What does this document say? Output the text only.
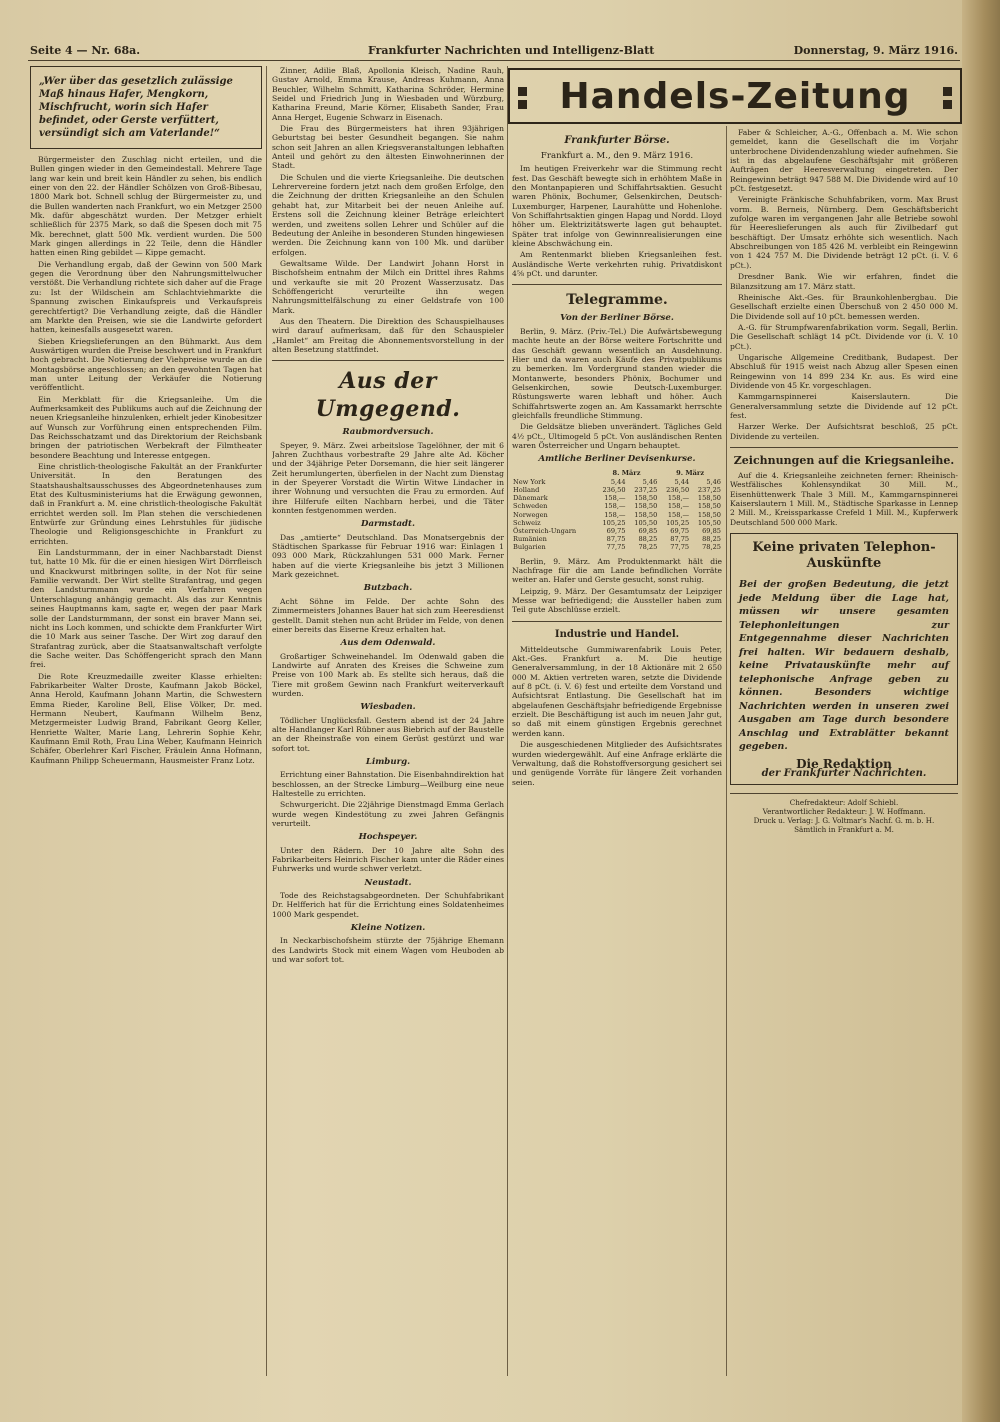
Seite 4 — Nr. 68a.	Frankfurter Nachrichten und Intelligenz-Blatt	Donnerstag, 9. März 1916.
„Wer über das gesetzlich zulässige Maß hinaus Hafer, Mengkorn, Mischfrucht, worin sich Hafer befindet, oder Gerste verfüttert, versündigt sich am Vaterlande!“

Bürgermeister den Zuschlag nicht erteilen, und die Bullen gingen wieder in den Gemeindestall. Mehrere Tage lang war kein und breit kein Händler zu sehen, bis endlich einer von den 22. der Händler Schölzen von Groß-Bibesau, 1800 Mark bot. Schnell schlug der Bürgermeister zu, und die Bullen wanderten nach Frankfurt, wo ein Metzger 2500 Mk. dafür abgeschätzt wurden. Der Metzger erhielt schließlich für 2375 Mark, so daß die Spesen doch mit 75 Mk. berechnet, glatt 500 Mk. verdient wurden. Die 500 Mark gingen allerdings in 22 Teile, denn die Händler hatten einen Ring gebildet — Kippe gemacht.

Die Verhandlung ergab, daß der Gewinn von 500 Mark gegen die Verordnung über den Nahrungsmittelwucher verstößt. Die Verhandlung richtete sich daher auf die Frage zu: Ist der Wildschein am Schlachtviehmarkte die Spannung zwischen Einkaufspreis und Verkaufspreis gerechtfertigt? Die Verhandlung zeigte, daß die Händler am Markte den Preisen, wie sie die Landwirte gefordert hatten, keinesfalls ausgesetzt waren.

Sieben Kriegslieferungen an den Bühmarkt. Aus dem Auswärtigen wurden die Preise beschwert und in Frankfurt hoch gebracht. Die Notierung der Viehpreise wurde an die Montagsbörse angeschlossen; an den gewohnten Tagen hat man unter Leitung der Verkäufer die Notierung veröffentlicht.

Ein Merkblatt für die Kriegsanleihe. Um die Aufmerksamkeit des Publikums auch auf die Zeichnung der neuen Kriegsanleihe hinzulenken, erhielt jeder Kinobesitzer auf Wunsch zur Vorführung einen entsprechenden Film. Das Reichsschatzamt und das Direktorium der Reichsbank bringen der patriotischen Werbekraft der Filmtheater besondere Beachtung und Interesse entgegen.

Eine christlich-theologische Fakultät an der Frankfurter Universität. In den Beratungen des Staatshaushaltsausschusses des Abgeordnetenhauses zum Etat des Kultusministeriums hat die Erwägung gewonnen, daß in Frankfurt a. M. eine christlich-theologische Fakultät errichtet werden soll. Im Plan stehen die verschiedenen Entwürfe zur Gründung eines Lehrstuhles für jüdische Theologie und Religionsgeschichte in Frankfurt zu errichten.

Ein Landsturmmann, der in einer Nachbarstadt Dienst tut, hatte 10 Mk. für die er einen hiesigen Wirt Dörrfleisch und Knackwurst mitbringen sollte, in der Not für seine Familie verwandt. Der Wirt stellte Strafantrag, und gegen den Landsturmmann wurde ein Verfahren wegen Unterschlagung anhängig gemacht. Als das zur Kenntnis seines Hauptmanns kam, sagte er, wegen der paar Mark solle der Landsturmmann, der sonst ein braver Mann sei, nicht ins Loch kommen, und schickte dem Frankfurter Wirt die 10 Mark aus seiner Tasche. Der Wirt zog darauf den Strafantrag zurück, aber die Staatsanwaltschaft verfolgte die Sache weiter. Das Schöffengericht sprach den Mann frei.

Die Rote Kreuzmedaille zweiter Klasse erhielten: Fabrikarbeiter Walter Droste, Kaufmann Jakob Böckel, Anna Herold, Kaufmann Johann Martin, die Schwestern Emma Rieder, Karoline Bell, Elise Völker, Dr. med. Hermann Neubert, Kaufmann Wilhelm Benz, Metzgermeister Ludwig Brand, Fabrikant Georg Keller, Henriette Walter, Marie Lang, Lehrerin Sophie Kehr, Kaufmann Emil Roth, Frau Lina Weber, Kaufmann Heinrich Schäfer, Oberlehrer Karl Fischer, Fräulein Anna Hofmann, Kaufmann Philipp Scheuermann, Hausmeister Franz Lotz.

Zinner, Adilie Blaß, Apollonia Kleisch, Nadine Rauh, Gustav Arnold, Emma Krause, Andreas Kuhmann, Anna Beuchler, Wilhelm Schmitt, Katharina Schröder, Hermine Seidel und Friedrich Jung in Wiesbaden und Würzburg, Katharina Freund, Marie Körner, Elisabeth Sander, Frau Anna Herget, Eugenie Schwarz in Eisenach.

Die Frau des Bürgermeisters hat ihren 93jährigen Geburtstag bei bester Gesundheit begangen. Sie nahm schon seit Jahren an allen Kriegsveranstaltungen lebhaften Anteil und gehört zu den ältesten Einwohnerinnen der Stadt.

Die Schulen und die vierte Kriegsanleihe. Die deutschen Lehrervereine fordern jetzt nach dem großen Erfolge, den die Zeichnung der dritten Kriegsanleihe an den Schulen gehabt hat, zur Mitarbeit bei der neuen Anleihe auf. Erstens soll die Zeichnung kleiner Beträge erleichtert werden, und zweitens sollen Lehrer und Schüler auf die Bedeutung der Anleihe in besonderen Stunden hingewiesen werden. Die Zeichnung kann von 100 Mk. und darüber erfolgen.

Gewaltsame Wilde. Der Landwirt Johann Horst in Bischofsheim entnahm der Milch ein Drittel ihres Rahms und verkaufte sie mit 20 Prozent Wasserzusatz. Das Schöffengericht verurteilte ihn wegen Nahrungsmittelfälschung zu einer Geldstrafe von 100 Mark.

Aus den Theatern. Die Direktion des Schauspielhauses wird darauf aufmerksam, daß für den Schauspieler „Hamlet“ am Freitag die Abonnementsvorstellung in der alten Besetzung stattfindet.

Aus der Umgegend.
Raubmordversuch.

Speyer, 9. März. Zwei arbeitslose Tagelöhner, der mit 6 Jahren Zuchthaus vorbestrafte 29 Jahre alte Ad. Köcher und der 34jährige Peter Dorsemann, die hier seit längerer Zeit herumlungerten, überfielen in der Nacht zum Dienstag in der Speyerer Vorstadt die Wirtin Witwe Lindacher in ihrer Wohnung und versuchten die Frau zu ermorden. Auf ihre Hilferufe eilten Nachbarn herbei, und die Täter konnten festgenommen werden.

Darmstadt.

Das „amtierte“ Deutschland. Das Monatsergebnis der Städtischen Sparkasse für Februar 1916 war: Einlagen 1 093 000 Mark, Rückzahlungen 531 000 Mark. Ferner haben auf die vierte Kriegsanleihe bis jetzt 3 Millionen Mark gezeichnet.

Butzbach.

Acht Söhne im Felde. Der achte Sohn des Zimmermeisters Johannes Bauer hat sich zum Heeresdienst gestellt. Damit stehen nun acht Brüder im Felde, von denen einer bereits das Eiserne Kreuz erhalten hat.

Aus dem Odenwald.

Großartiger Schweinehandel. Im Odenwald gaben die Landwirte auf Anraten des Kreises die Schweine zum Preise von 100 Mark ab. Es stellte sich heraus, daß die Tiere mit großem Gewinn nach Frankfurt weiterverkauft wurden.

Wiesbaden.

Tödlicher Unglücksfall. Gestern abend ist der 24 Jahre alte Handlanger Karl Rübner aus Biebrich auf der Baustelle an der Rheinstraße von einem Gerüst gestürzt und war sofort tot.

Limburg.

Errichtung einer Bahnstation. Die Eisenbahndirektion hat beschlossen, an der Strecke Limburg—Weilburg eine neue Haltestelle zu errichten.

Schwurgericht. Die 22jährige Dienstmagd Emma Gerlach wurde wegen Kindestötung zu zwei Jahren Gefängnis verurteilt.

Hochspeyer.

Unter den Rädern. Der 10 Jahre alte Sohn des Fabrikarbeiters Heinrich Fischer kam unter die Räder eines Fuhrwerks und wurde schwer verletzt.

Neustadt.

Tode des Reichstagsabgeordneten. Der Schuhfabrikant Dr. Helfferich hat für die Errichtung eines Soldatenheimes 1000 Mark gespendet.

Kleine Notizen.

In Neckarbischofsheim stürzte der 75jährige Ehemann des Landwirts Stock mit einem Wagen vom Heuboden ab und war sofort tot.

Handels-Zeitung
Frankfurter Börse.
Frankfurt a. M., den 9. März 1916.

Im heutigen Freiverkehr war die Stimmung recht fest. Das Geschäft bewegte sich in erhöhtem Maße in den Montanpapieren und Schiffahrtsaktien. Gesucht waren Phönix, Bochumer, Gelsenkirchen, Deutsch-Luxemburger, Harpener, Laurahütte und Hohenlohe. Von Schiffahrtsaktien gingen Hapag und Nordd. Lloyd höher um. Elektrizitätswerte lagen gut behauptet. Später trat infolge von Gewinnrealisierungen eine kleine Abschwächung ein.

Am Rentenmarkt blieben Kriegsanleihen fest. Ausländische Werte verkehrten ruhig. Privatdiskont 4⅝ pCt. und darunter.

Telegramme.
Von der Berliner Börse.

Berlin, 9. März. (Priv.-Tel.) Die Aufwärtsbewegung machte heute an der Börse weitere Fortschritte und das Geschäft gewann wesentlich an Ausdehnung. Hier und da waren auch Käufe des Privatpublikums zu bemerken. Im Vordergrund standen wieder die Montanwerte, besonders Phönix, Bochumer und Gelsenkirchen, sowie Deutsch-Luxemburger. Rüstungswerte waren lebhaft und höher. Auch Schiffahrtswerte zogen an. Am Kassamarkt herrschte gleichfalls freundliche Stimmung.

Die Geldsätze blieben unverändert. Tägliches Geld 4½ pCt., Ultimogeld 5 pCt. Von ausländischen Renten waren Österreicher und Ungarn behauptet.

Amtliche Berliner Devisenkurse.
	8. März		9. März	
New York	5,44	5,46	5,44	5,46
Holland	236,50	237,25	236,50	237,25
Dänemark	158,—	158,50	158,—	158,50
Schweden	158,—	158,50	158,—	158,50
Norwegen	158,—	158,50	158,—	158,50
Schweiz	105,25	105,50	105,25	105,50
Österreich-Ungarn	69,75	69,85	69,75	69,85
Rumänien	87,75	88,25	87,75	88,25
Bulgarien	77,75	78,25	77,75	78,25

Berlin, 9. März. Am Produktenmarkt hält die Nachfrage für die am Lande befindlichen Vorräte weiter an. Hafer und Gerste gesucht, sonst ruhig.

Leipzig, 9. März. Der Gesamtumsatz der Leipziger Messe war befriedigend; die Aussteller haben zum Teil gute Abschlüsse erzielt.

Industrie und Handel.

Mitteldeutsche Gummiwarenfabrik Louis Peter, Akt.-Ges. Frankfurt a. M. Die heutige Generalversammlung, in der 18 Aktionäre mit 2 650 000 M. Aktien vertreten waren, setzte die Dividende auf 8 pCt. (i. V. 6) fest und erteilte dem Vorstand und Aufsichtsrat Entlastung. Die Gesellschaft hat im abgelaufenen Geschäftsjahr befriedigende Ergebnisse erzielt. Die Beschäftigung ist auch im neuen Jahr gut, so daß mit einem günstigen Ergebnis gerechnet werden kann.

Die ausgeschiedenen Mitglieder des Aufsichtsrates wurden wiedergewählt. Auf eine Anfrage erklärte die Verwaltung, daß die Rohstoffversorgung gesichert sei und genügende Vorräte für längere Zeit vorhanden seien.

Faber & Schleicher, A.-G., Offenbach a. M. Wie schon gemeldet, kann die Gesellschaft die im Vorjahr unterbrochene Dividendenzahlung wieder aufnehmen. Sie ist in das abgelaufene Geschäftsjahr mit größeren Aufträgen der Heeresverwaltung eingetreten. Der Reingewinn beträgt 947 588 M. Die Dividende wird auf 10 pCt. festgesetzt.

Vereinigte Fränkische Schuhfabriken, vorm. Max Brust vorm. B. Berneis, Nürnberg. Dem Geschäftsbericht zufolge waren im vergangenen Jahr alle Betriebe sowohl für Heereslieferungen als auch für Zivilbedarf gut beschäftigt. Der Umsatz erhöhte sich wesentlich. Nach Abschreibungen von 185 426 M. verbleibt ein Reingewinn von 1 424 757 M. Die Dividende beträgt 12 pCt. (i. V. 6 pCt.).

Dresdner Bank. Wie wir erfahren, findet die Bilanzsitzung am 17. März statt.

Rheinische Akt.-Ges. für Braunkohlenbergbau. Die Gesellschaft erzielte einen Überschuß von 2 450 000 M. Die Dividende soll auf 10 pCt. bemessen werden.

A.-G. für Strumpfwarenfabrikation vorm. Segall, Berlin. Die Gesellschaft schlägt 14 pCt. Dividende vor (i. V. 10 pCt.).

Ungarische Allgemeine Creditbank, Budapest. Der Abschluß für 1915 weist nach Abzug aller Spesen einen Reingewinn von 14 899 234 Kr. aus. Es wird eine Dividende von 45 Kr. vorgeschlagen.

Kammgarnspinnerei Kaiserslautern. Die Generalversammlung setzte die Dividende auf 12 pCt. fest.

Harzer Werke. Der Aufsichtsrat beschloß, 25 pCt. Dividende zu verteilen.

Zeichnungen auf die Kriegsanleihe.

Auf die 4. Kriegsanleihe zeichneten ferner: Rheinisch-Westfälisches Kohlensyndikat 30 Mill. M., Eisenhüttenwerk Thale 3 Mill. M., Kammgarnspinnerei Kaiserslautern 1 Mill. M., Städtische Sparkasse in Lennep 2 Mill. M., Kreissparkasse Crefeld 1 Mill. M., Kupferwerk Deutschland 500 000 Mark.

Keine privaten Telephon-Auskünfte
Bei der großen Bedeutung, die jetzt jede Meldung über die Lage hat, müssen wir unsere gesamten Telephonleitungen zur Entgegennahme dieser Nachrichten frei halten. Wir bedauern deshalb, keine Privatauskünfte mehr auf telephonische Anfrage geben zu können. Besonders wichtige Nachrichten werden in unseren zwei Ausgaben am Tage durch besondere Anschlag und Extrablätter bekannt gegeben.
Die Redaktion
der Frankfurter Nachrichten.
Chefredakteur: Adolf Schiebl.
Verantwortlicher Redakteur: J. W. Hoffmann.
Druck u. Verlag: J. G. Voltmar's Nachf. G. m. b. H.
Sämtlich in Frankfurt a. M.
